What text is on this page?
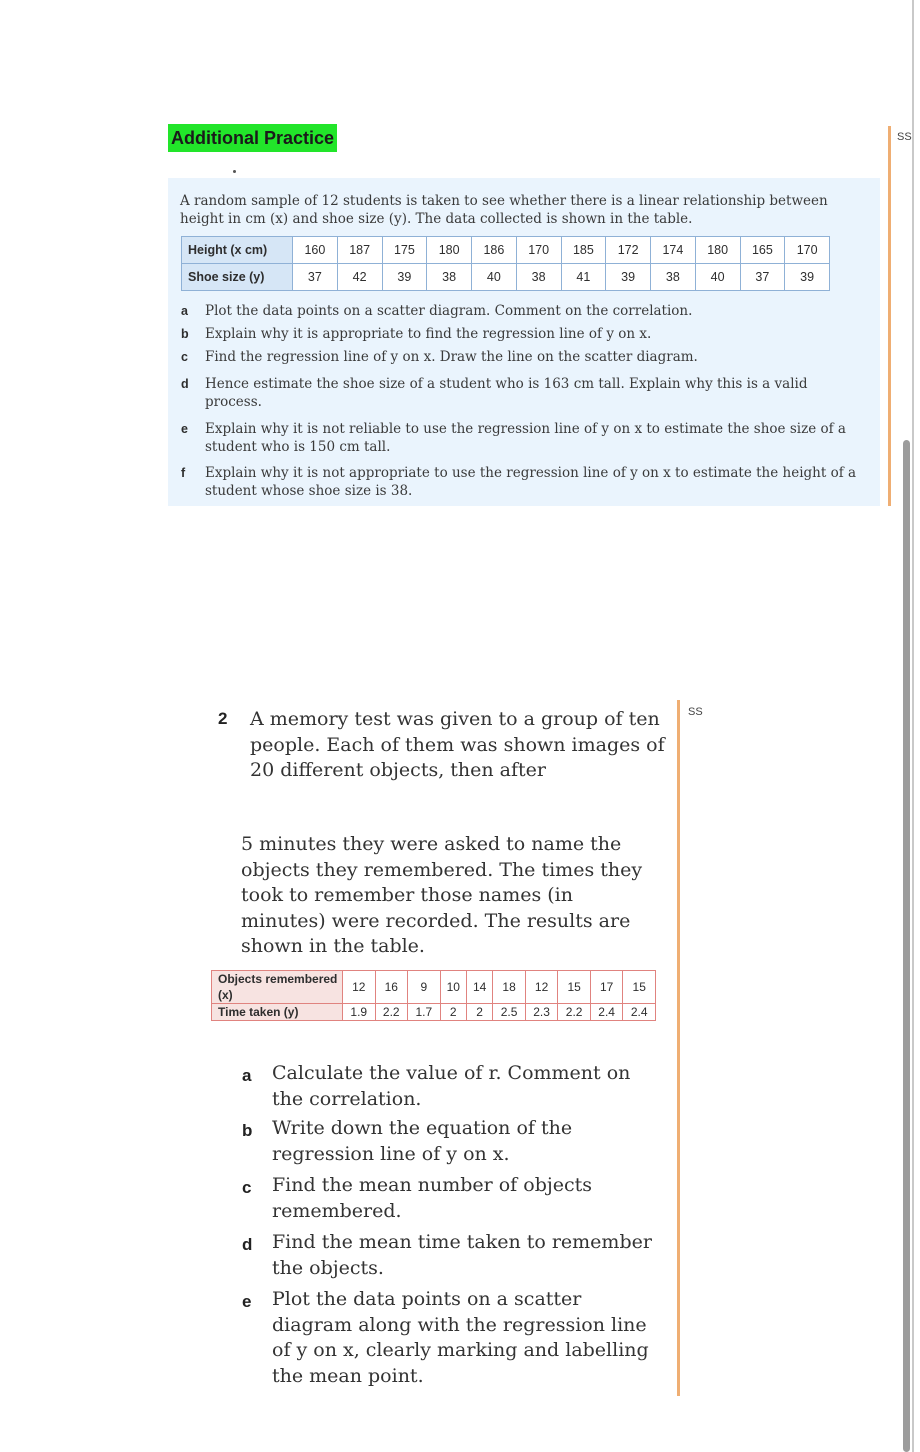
Additional Practice	SS
A random sample of 12 students is taken to see whether there is a linear relationship between height in cm (x) and shoe size (y). The data collected is shown in the table.
Height (x cm)	160	187	175	180	186	170	185	172	174	180	165	170
Shoe size (y)	37	42	39	38	40	38	41	39	38	40	37	39
a Plot the data points on a scatter diagram. Comment on the correlation.
b Explain why it is appropriate to find the regression line of y on x.
c Find the regression line of y on x. Draw the line on the scatter diagram.
d Hence estimate the shoe size of a student who is 163 cm tall. Explain why this is a valid process.
e Explain why it is not reliable to use the regression line of y on x to estimate the shoe size of a student who is 150 cm tall.
f Explain why it is not appropriate to use the regression line of y on x to estimate the height of a student whose shoe size is 38.
SS
2 A memory test was given to a group of ten people. Each of them was shown images of 20 different objects, then after
5 minutes they were asked to name the objects they remembered. The times they took to remember those names (in minutes) were recorded. The results are shown in the table.
Objects remembered (x)	12	16	9	10	14	18	12	15	17	15
Time taken (y)	1.9	2.2	1.7	2	2	2.5	2.3	2.2	2.4	2.4
a Calculate the value of r. Comment on the correlation.
b Write down the equation of the regression line of y on x.
c Find the mean number of objects remembered.
d Find the mean time taken to remember the objects.
e Plot the data points on a scatter diagram along with the regression line of y on x, clearly marking and labelling the mean point.
